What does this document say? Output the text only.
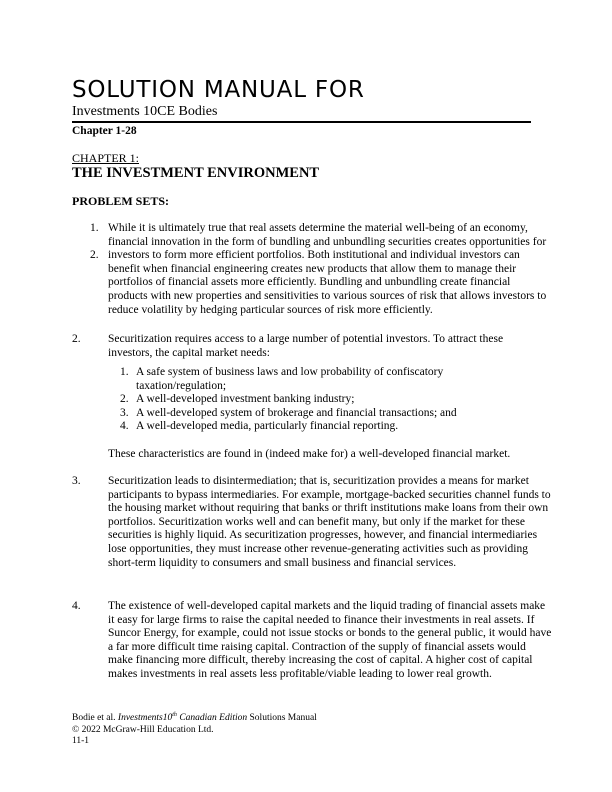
SOLUTION MANUAL FOR
Investments 10CE Bodies
Chapter 1-28
CHAPTER 1:
THE INVESTMENT ENVIRONMENT
PROBLEM SETS:
1.
2.

While it is ultimately true that real assets determine the material well-being of an economy, financial innovation in the form of bundling and unbundling securities creates opportunities for investors to form more efficient portfolios. Both institutional and individual investors can benefit when financial engineering creates new products that allow them to manage their portfolios of financial assets more efficiently. Bundling and unbundling create financial products with new properties and sensitivities to various sources of risk that allows investors to reduce volatility by hedging particular sources of risk more efficiently.

2. Securitization requires access to a large number of potential investors. To attract these investors, the capital market needs:

1. A safe system of business laws and low probability of confiscatory taxation/regulation;

2. A well-developed investment banking industry;

3. A well-developed system of brokerage and financial transactions; and

4. A well-developed media, particularly financial reporting.

These characteristics are found in (indeed make for) a well-developed financial market.

3. Securitization leads to disintermediation; that is, securitization provides a means for market participants to bypass intermediaries. For example, mortgage-backed securities channel funds to the housing market without requiring that banks or thrift institutions make loans from their own portfolios. Securitization works well and can benefit many, but only if the market for these securities is highly liquid. As securitization progresses, however, and financial intermediaries lose opportunities, they must increase other revenue-generating activities such as providing short-term liquidity to consumers and small business and financial services.

4. The existence of well-developed capital markets and the liquid trading of financial assets make it easy for large firms to raise the capital needed to finance their investments in real assets. If Suncor Energy, for example, could not issue stocks or bonds to the general public, it would have a far more difficult time raising capital. Contraction of the supply of financial assets would make financing more difficult, thereby increasing the cost of capital. A higher cost of capital makes investments in real assets less profitable/viable leading to lower real growth.

Bodie et al. Investments10th Canadian Edition Solutions Manual
© 2022 McGraw-Hill Education Ltd.
11-1
